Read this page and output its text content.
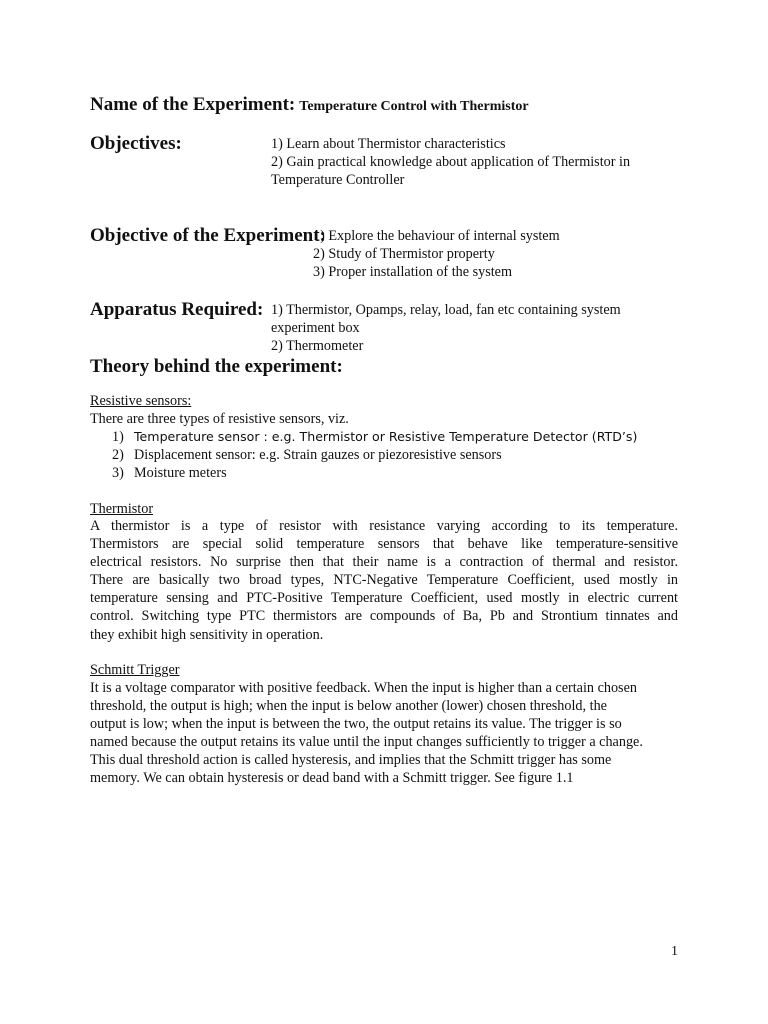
Name of the Experiment: Temperature Control with Thermistor
Objectives:	1) Learn about Thermistor characteristics
2) Gain practical knowledge about application of Thermistor in
Temperature Controller
Objective of the Experiment:
1) Explore the behaviour of internal system
2) Study of Thermistor property
3) Proper installation of the system
Apparatus Required: 1) Thermistor, Opamps, relay, load, fan etc containing system
experiment box
2) Thermometer
Theory behind the experiment:
Resistive sensors:
There are three types of resistive sensors, viz.
1) Temperature sensor : e.g. Thermistor or Resistive Temperature Detector (RTD’s)
2) Displacement sensor: e.g. Strain gauzes or piezoresistive sensors
3) Moisture meters
Thermistor
A thermistor is a type of resistor with resistance varying according to its temperature.
Thermistors are special solid temperature sensors that behave like temperature-sensitive
electrical resistors. No surprise then that their name is a contraction of thermal and resistor.
There are basically two broad types, NTC-Negative Temperature Coefficient, used mostly in
temperature sensing and PTC-Positive Temperature Coefficient, used mostly in electric current
control. Switching type PTC thermistors are compounds of Ba, Pb and Strontium tinnates and
they exhibit high sensitivity in operation.
Schmitt Trigger
It is a voltage comparator with positive feedback. When the input is higher than a certain chosen
threshold, the output is high; when the input is below another (lower) chosen threshold, the
output is low; when the input is between the two, the output retains its value. The trigger is so
named because the output retains its value until the input changes sufficiently to trigger a change.
This dual threshold action is called hysteresis, and implies that the Schmitt trigger has some
memory. We can obtain hysteresis or dead band with a Schmitt trigger. See figure 1.1
1
